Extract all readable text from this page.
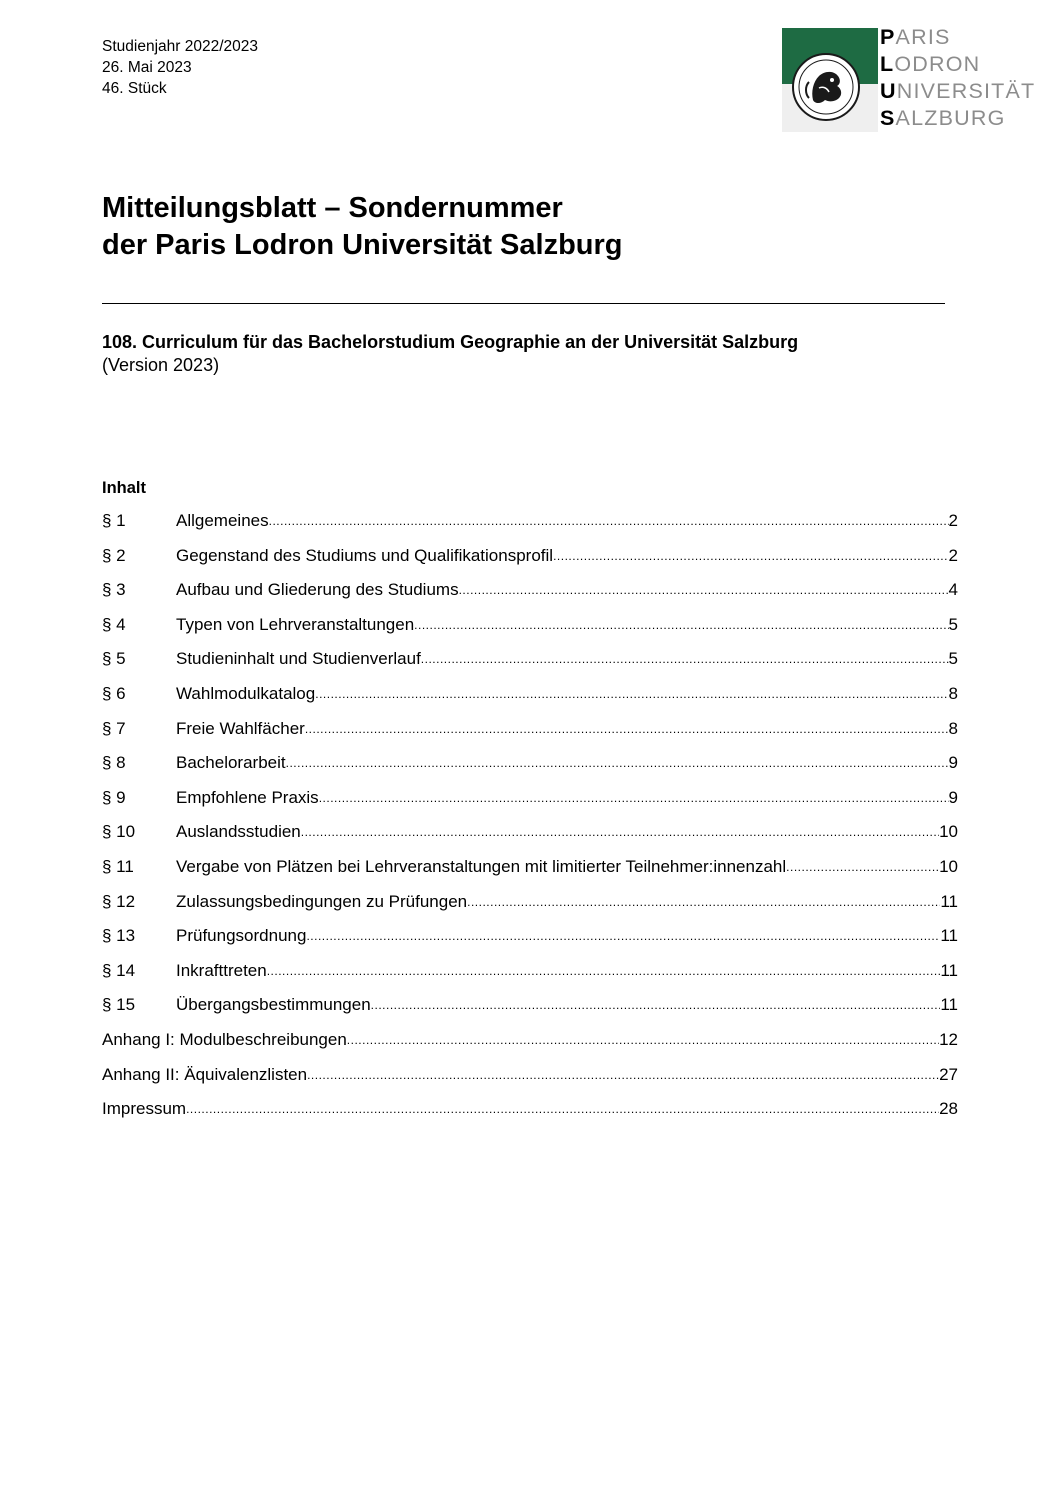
Studienjahr 2022/2023
26. Mai 2023
46. Stück
PARIS
LODRON
UNIVERSITÄT
SALZBURG
Mitteilungsblatt – Sondernummer
der Paris Lodron Universität Salzburg
108. Curriculum für das Bachelorstudium Geographie an der Universität Salzburg
(Version 2023)
Inhalt
§ 1	Allgemeines .....	2
§ 2	Gegenstand des Studiums und Qualifikationsprofil .....	2
§ 3	Aufbau und Gliederung des Studiums .....	4
§ 4	Typen von Lehrveranstaltungen .....	5
§ 5	Studieninhalt und Studienverlauf .....	5
§ 6	Wahlmodulkatalog .....	8
§ 7	Freie Wahlfächer .....	8
§ 8	Bachelorarbeit .....	9
§ 9	Empfohlene Praxis .....	9
§ 10 Auslandsstudien .....	10
§ 11 Vergabe von Plätzen bei Lehrveranstaltungen mit limitierter Teilnehmer:innenzahl .....	10
§ 12 Zulassungsbedingungen zu Prüfungen .....	11
§ 13 Prüfungsordnung .....	11
§ 14 Inkrafttreten .....	11
§ 15 Übergangsbestimmungen .....	11
Anhang I: Modulbeschreibungen .....	12
Anhang II: Äquivalenzlisten .....	27
Impressum .....	28
